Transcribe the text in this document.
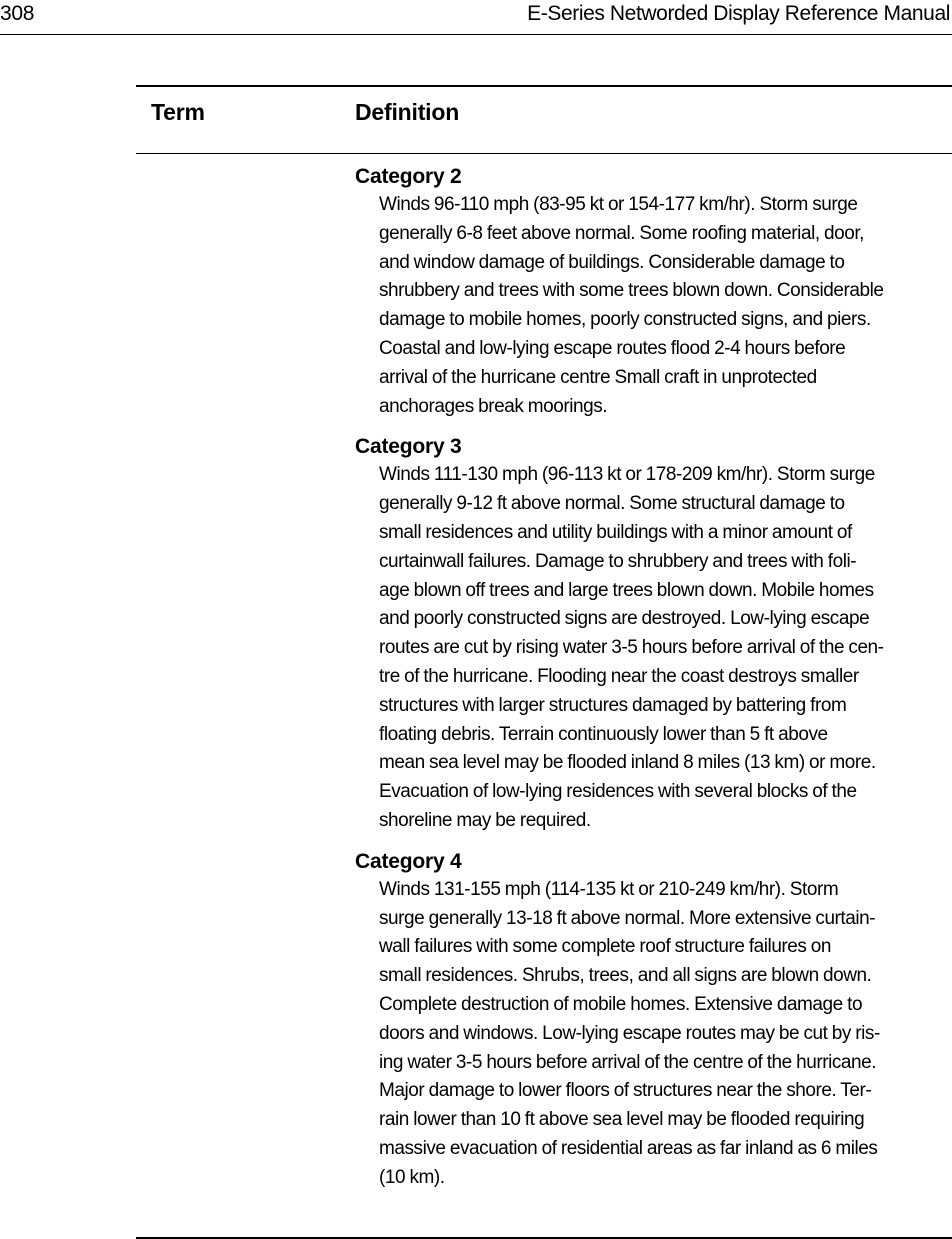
308	E-Series Networded Display Reference Manual
Term	Definition
Category 2
Winds 96-110 mph (83-95 kt or 154-177 km/hr). Storm surge
generally 6-8 feet above normal. Some roofing material, door,
and window damage of buildings. Considerable damage to
shrubbery and trees with some trees blown down. Considerable
damage to mobile homes, poorly constructed signs, and piers.
Coastal and low-lying escape routes flood 2-4 hours before
arrival of the hurricane centre Small craft in unprotected
anchorages break moorings.
Category 3
Winds 111-130 mph (96-113 kt or 178-209 km/hr). Storm surge
generally 9-12 ft above normal. Some structural damage to
small residences and utility buildings with a minor amount of
curtainwall failures. Damage to shrubbery and trees with foli-
age blown off trees and large trees blown down. Mobile homes
and poorly constructed signs are destroyed. Low-lying escape
routes are cut by rising water 3-5 hours before arrival of the cen-
tre of the hurricane. Flooding near the coast destroys smaller
structures with larger structures damaged by battering from
floating debris. Terrain continuously lower than 5 ft above
mean sea level may be flooded inland 8 miles (13 km) or more.
Evacuation of low-lying residences with several blocks of the
shoreline may be required.
Category 4
Winds 131-155 mph (114-135 kt or 210-249 km/hr). Storm
surge generally 13-18 ft above normal. More extensive curtain-
wall failures with some complete roof structure failures on
small residences. Shrubs, trees, and all signs are blown down.
Complete destruction of mobile homes. Extensive damage to
doors and windows. Low-lying escape routes may be cut by ris-
ing water 3-5 hours before arrival of the centre of the hurricane.
Major damage to lower floors of structures near the shore. Ter-
rain lower than 10 ft above sea level may be flooded requiring
massive evacuation of residential areas as far inland as 6 miles
(10 km).
